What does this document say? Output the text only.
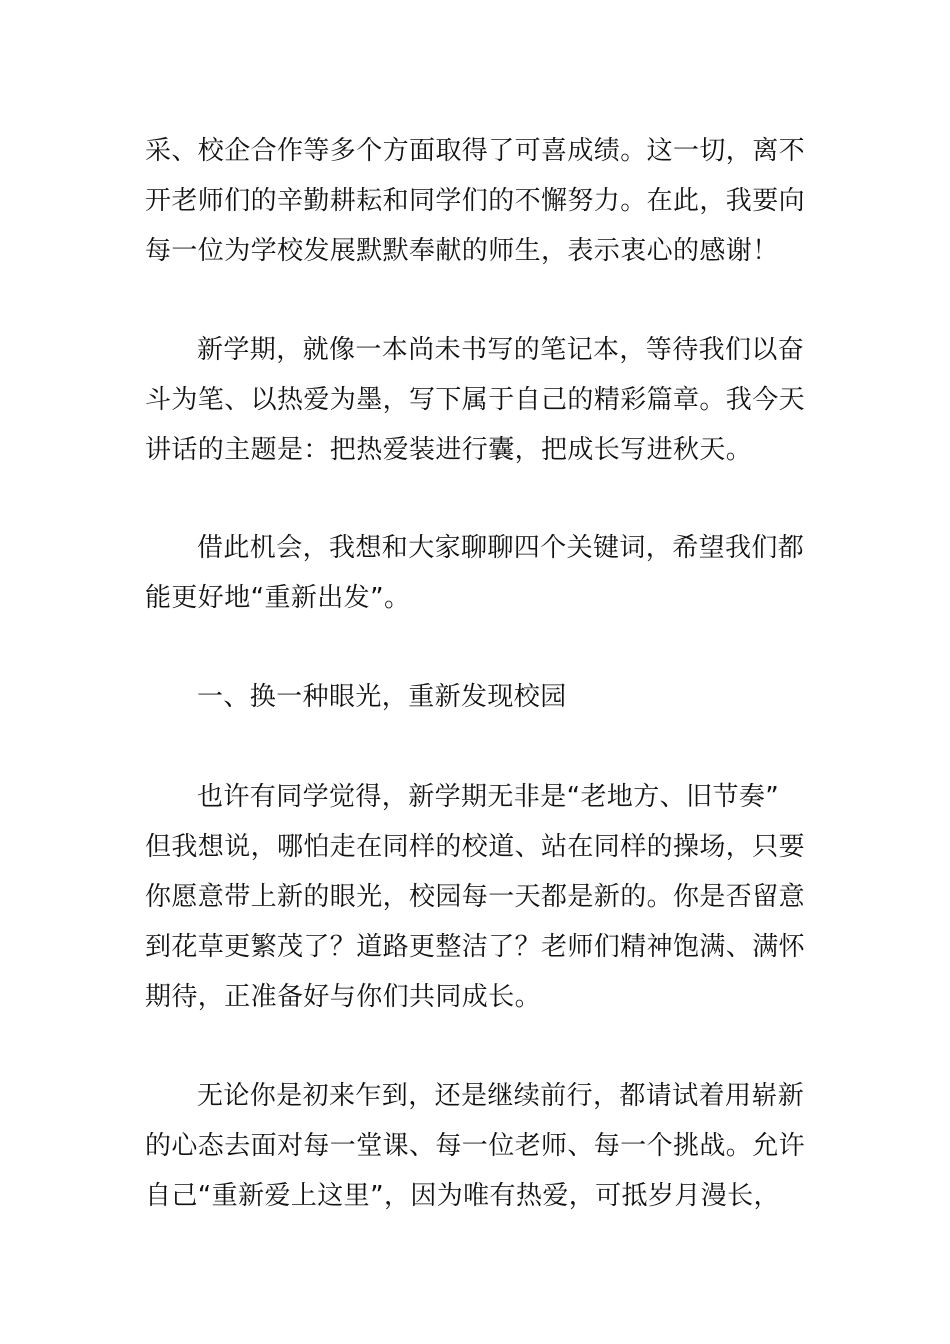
采、校企合作等多个方面取得了可喜成绩。这一切，离不
开老师们的辛勤耕耘和同学们的不懈努力。在此，我要向
每一位为学校发展默默奉献的师生，表示衷心的感谢！
新学期，就像一本尚未书写的笔记本，等待我们以奋
斗为笔、以热爱为墨，写下属于自己的精彩篇章。我今天
讲话的主题是：把热爱装进行囊，把成长写进秋天。
借此机会，我想和大家聊聊四个关键词，希望我们都
能更好地“重新出发”。
一、换一种眼光，重新发现校园
也许有同学觉得，新学期无非是“老地方、旧节奏”
但我想说，哪怕走在同样的校道、站在同样的操场，只要
你愿意带上新的眼光，校园每一天都是新的。你是否留意
到花草更繁茂了？道路更整洁了？老师们精神饱满、满怀
期待，正准备好与你们共同成长。
无论你是初来乍到，还是继续前行，都请试着用崭新
的心态去面对每一堂课、每一位老师、每一个挑战。允许
自己“重新爱上这里”，因为唯有热爱，可抵岁月漫长，
